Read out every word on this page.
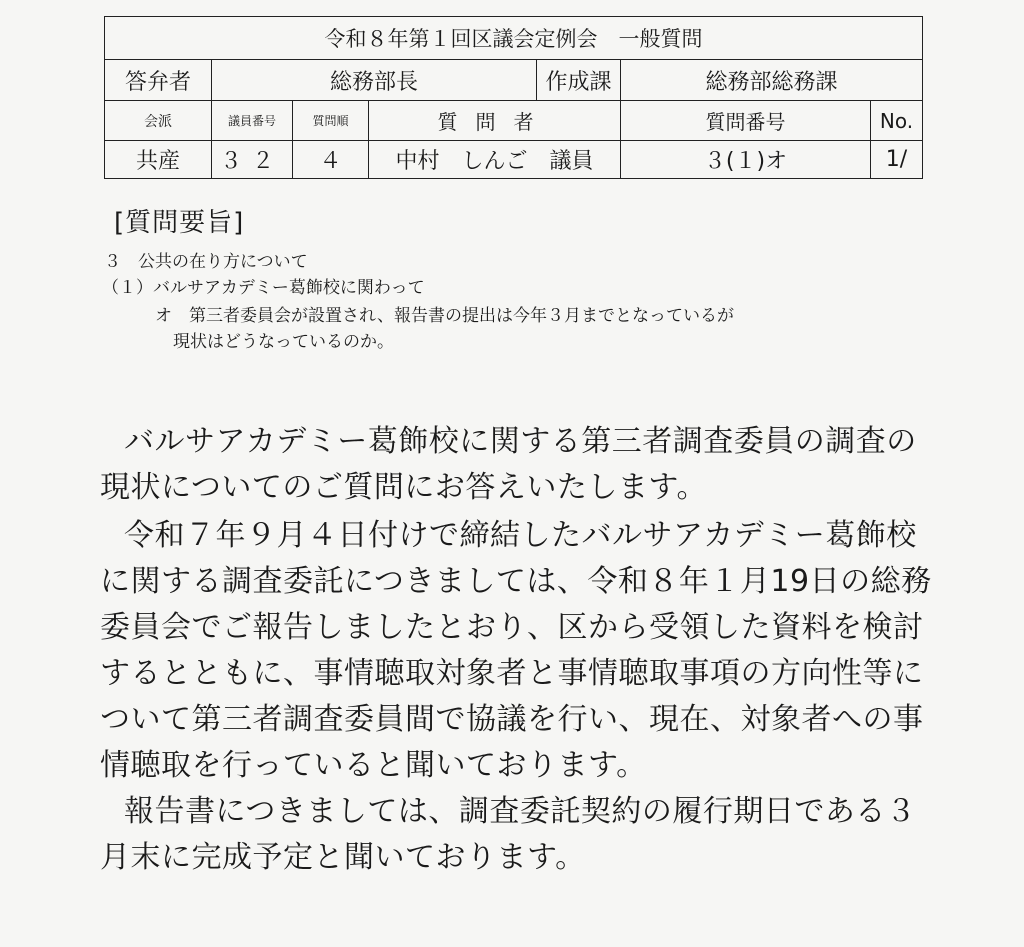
令和８年第１回区議会定例会　一般質問						
答弁者	総務部長			作成課	総務部総務課	
会派	議員番号	質問順	質問者		質問番号	No.
共産	３２	４	中村　しんご　議員		３(１)オ	1/
[質問要旨]
３　公共の在り方について
（１）バルサアカデミー葛飾校に関わって
オ　第三者委員会が設置され、報告書の提出は今年３月までとなっているが
現状はどうなっているのか。
バルサアカデミー葛飾校に関する第三者調査委員の調査の
現状についてのご質問にお答えいたします。
令和７年９月４日付けで締結したバルサアカデミー葛飾校
に関する調査委託につきましては、令和８年１月19日の総務
委員会でご報告しましたとおり、区から受領した資料を検討
するとともに、事情聴取対象者と事情聴取事項の方向性等に
ついて第三者調査委員間で協議を行い、現在、対象者への事
情聴取を行っていると聞いております。
報告書につきましては、調査委託契約の履行期日である３
月末に完成予定と聞いております。
